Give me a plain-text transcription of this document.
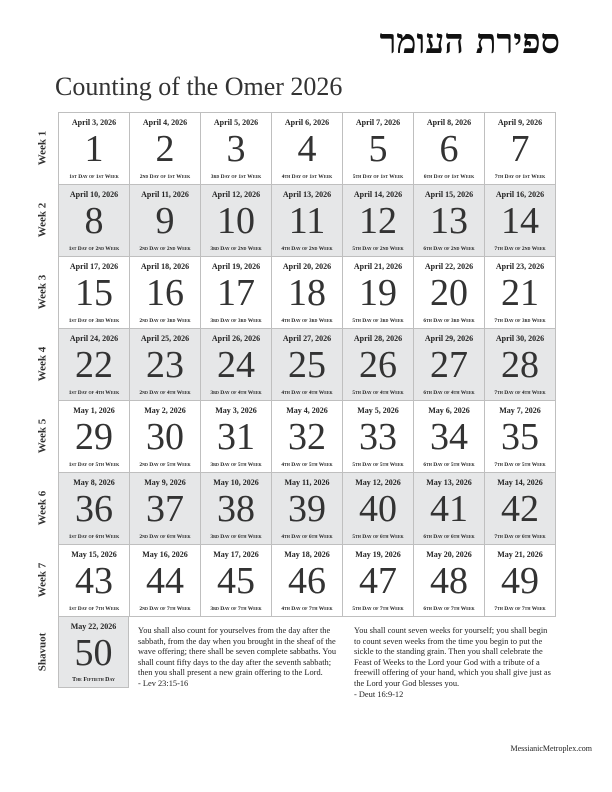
ספירת העומר
Counting of the Omer 2026
Week 1
Week 2
Week 3
Week 4
Week 5
Week 6
Week 7
April 3, 2026
1
1st Day of 1st Week
April 4, 2026
2
2nd Day of 1st Week
April 5, 2026
3
3rd Day of 1st Week
April 6, 2026
4
4th Day of 1st Week
April 7, 2026
5
5th Day of 1st Week
April 8, 2026
6
6th Day of 1st Week
April 9, 2026
7
7th Day of 1st Week
April 10, 2026
8
1st Day of 2nd Week
April 11, 2026
9
2nd Day of 2nd Week
April 12, 2026
10
3rd Day of 2nd Week
April 13, 2026
11
4th Day of 2nd Week
April 14, 2026
12
5th Day of 2nd Week
April 15, 2026
13
6th Day of 2nd Week
April 16, 2026
14
7th Day of 2nd Week
April 17, 2026
15
1st Day of 3rd Week
April 18, 2026
16
2nd Day of 3rd Week
April 19, 2026
17
3rd Day of 3rd Week
April 20, 2026
18
4th Day of 3rd Week
April 21, 2026
19
5th Day of 3rd Week
April 22, 2026
20
6th Day of 3rd Week
April 23, 2026
21
7th Day of 3rd Week
April 24, 2026
22
1st Day of 4th Week
April 25, 2026
23
2nd Day of 4th Week
April 26, 2026
24
3rd Day of 4th Week
April 27, 2026
25
4th Day of 4th Week
April 28, 2026
26
5th Day of 4th Week
April 29, 2026
27
6th Day of 4th Week
April 30, 2026
28
7th Day of 4th Week
May 1, 2026
29
1st Day of 5th Week
May 2, 2026
30
2nd Day of 5th Week
May 3, 2026
31
3rd Day of 5th Week
May 4, 2026
32
4th Day of 5th Week
May 5, 2026
33
5th Day of 5th Week
May 6, 2026
34
6th Day of 5th Week
May 7, 2026
35
7th Day of 5th Week
May 8, 2026
36
1st Day of 6th Week
May 9, 2026
37
2nd Day of 6th Week
May 10, 2026
38
3rd Day of 6th Week
May 11, 2026
39
4th Day of 6th Week
May 12, 2026
40
5th Day of 6th Week
May 13, 2026
41
6th Day of 6th Week
May 14, 2026
42
7th Day of 6th Week
May 15, 2026
43
1st Day of 7th Week
May 16, 2026
44
2nd Day of 7th Week
May 17, 2026
45
3rd Day of 7th Week
May 18, 2026
46
4th Day of 7th Week
May 19, 2026
47
5th Day of 7th Week
May 20, 2026
48
6th Day of 7th Week
May 21, 2026
49
7th Day of 7th Week
Shavuot
May 22, 2026
50
The Fiftieth Day

You shall also count for yourselves from the day after the sabbath, from the day when you brought in the sheaf of the wave offering; there shall be seven complete sabbaths. You shall count fifty days to the day after the seventh sabbath; then you shall present a new grain offering to the Lord.

- Lev 23:15-16

You shall count seven weeks for yourself; you shall begin to count seven weeks from the time you begin to put the sickle to the standing grain. Then you shall celebrate the Feast of Weeks to the Lord your God with a tribute of a freewill offering of your hand, which you shall give just as the Lord your God blesses you.

- Deut 16:9-12

MessianicMetroplex.com
